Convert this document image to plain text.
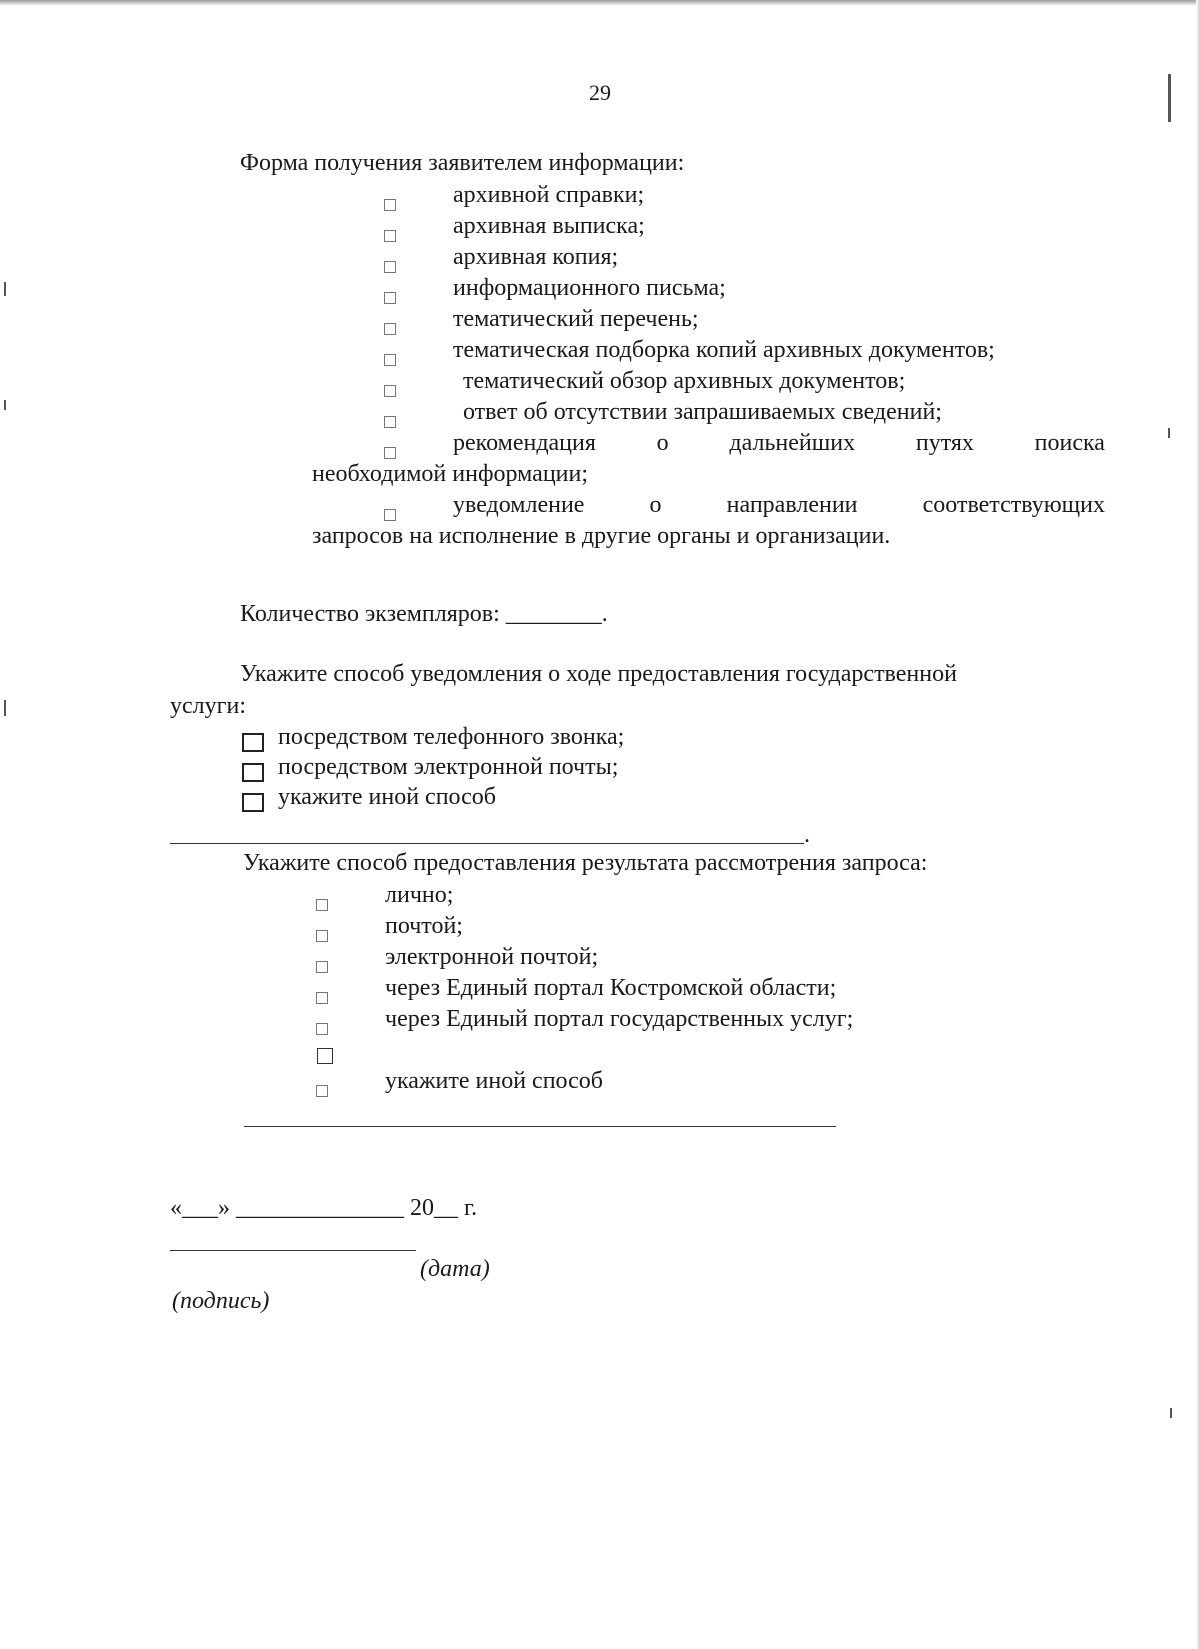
29
Форма получения заявителем информации:
архивной справки;
архивная выписка;
архивная копия;
информационного письма;
тематический перечень;
тематическая подборка копий архивных документов;
тематический обзор архивных документов;
ответ об отсутствии запрашиваемых сведений;
рекомендация	о	дальнейших	путях	поиска
необходимой информации;
уведомление	о	направлении	соответствующих
запросов на исполнение в другие органы и организации.
Количество экземпляров: ________.
Укажите способ уведомления о ходе предоставления государственной
услуги:
посредством телефонного звонка;
посредством электронной почты;
укажите иной способ
.
Укажите способ предоставления результата рассмотрения запроса:
лично;
почтой;
электронной почтой;
через Единый портал Костромской области;
через Единый портал государственных услуг;
укажите иной способ
«___» ______________ 20__ г.
(дата)
(подпись)
